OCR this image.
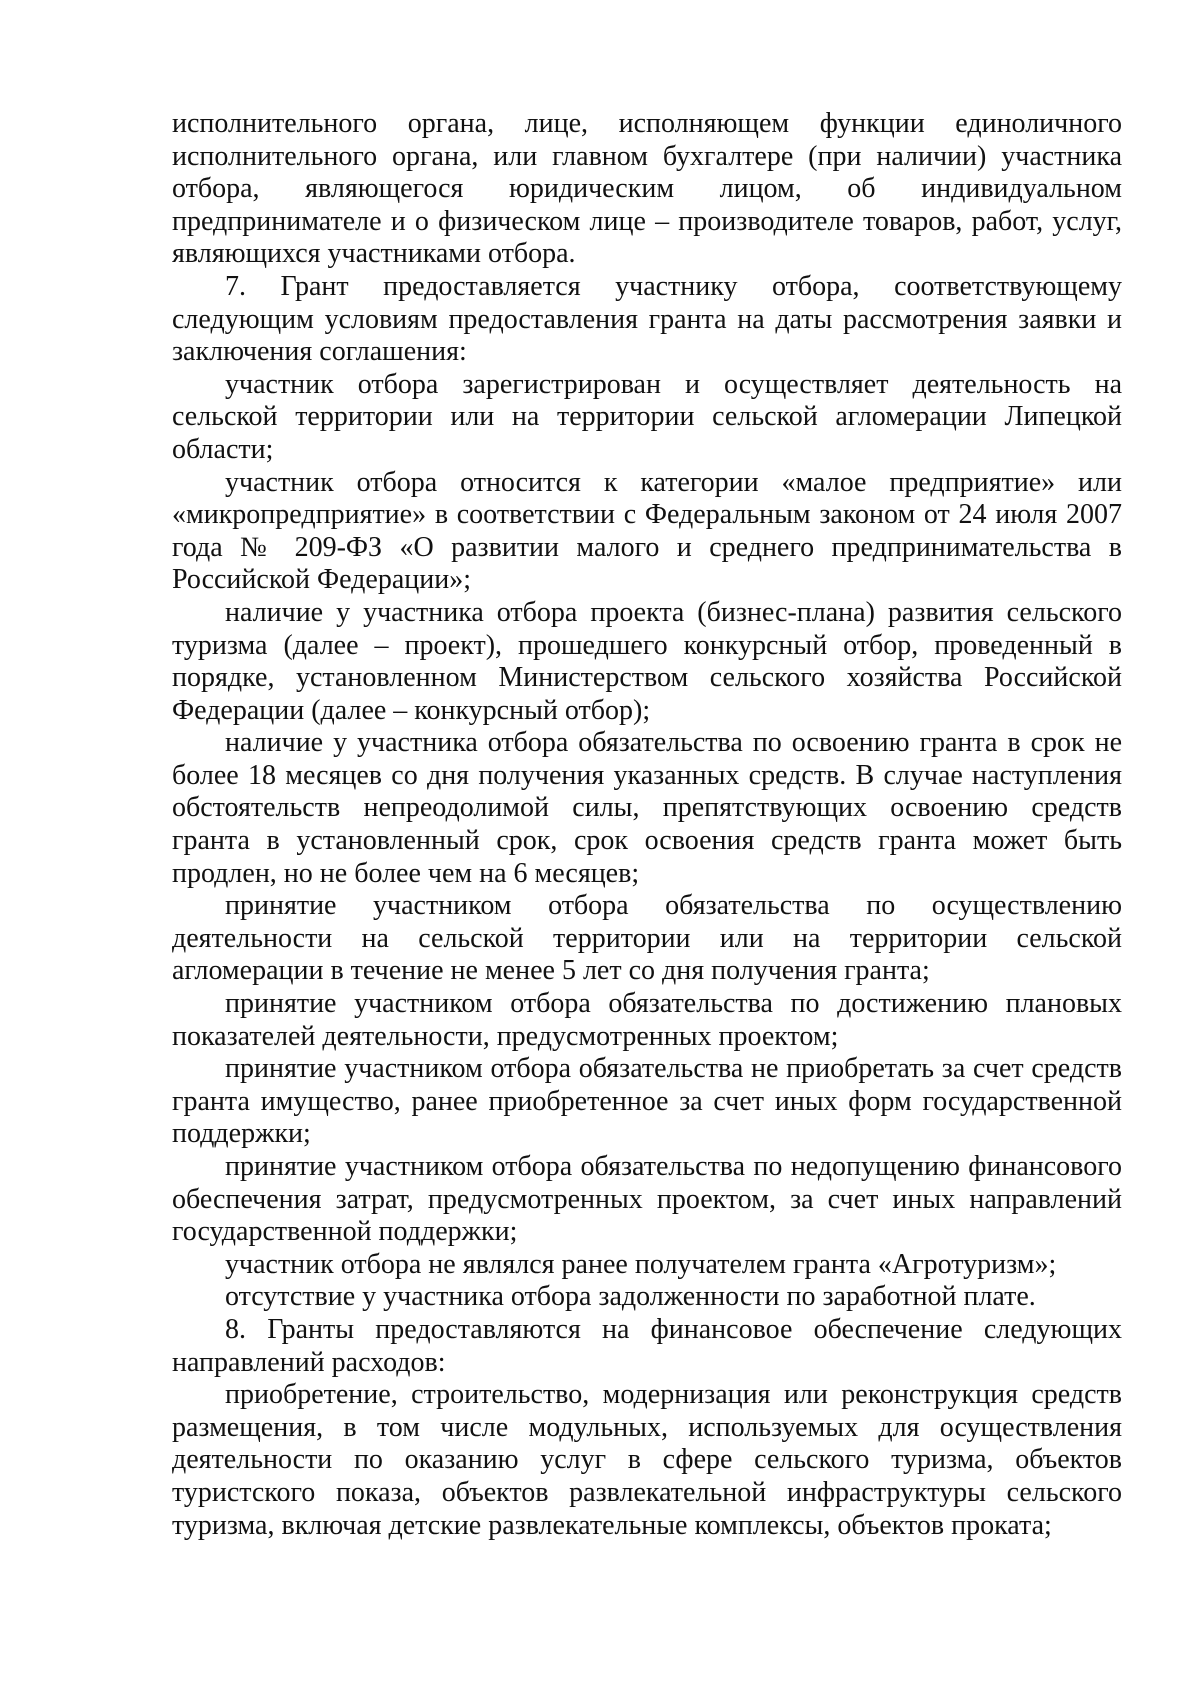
исполнительного органа, лице, исполняющем функции единоличного исполнительного органа, или главном бухгалтере (при наличии) участника отбора, являющегося юридическим лицом, об индивидуальном предпринимателе и о физическом лице – производителе товаров, работ, услуг, являющихся участниками отбора.

7. Грант предоставляется участнику отбора, соответствующему следующим условиям предоставления гранта на даты рассмотрения заявки и заключения соглашения:

участник отбора зарегистрирован и осуществляет деятельность на сельской территории или на территории сельской агломерации Липецкой области;

участник отбора относится к категории «малое предприятие» или «микропредприятие» в соответствии с Федеральным законом от 24 июля 2007 года № 209-ФЗ «О развитии малого и среднего предпринимательства в Российской Федерации»;

наличие у участника отбора проекта (бизнес-плана) развития сельского туризма (далее – проект), прошедшего конкурсный отбор, проведенный в порядке, установленном Министерством сельского хозяйства Российской Федерации (далее – конкурсный отбор);

наличие у участника отбора обязательства по освоению гранта в срок не более 18 месяцев со дня получения указанных средств. В случае наступления обстоятельств непреодолимой силы, препятствующих освоению средств гранта в установленный срок, срок освоения средств гранта может быть продлен, но не более чем на 6 месяцев;

принятие участником отбора обязательства по осуществлению деятельности на сельской территории или на территории сельской агломерации в течение не менее 5 лет со дня получения гранта;

принятие участником отбора обязательства по достижению плановых показателей деятельности, предусмотренных проектом;

принятие участником отбора обязательства не приобретать за счет средств гранта имущество, ранее приобретенное за счет иных форм государственной поддержки;

принятие участником отбора обязательства по недопущению финансового обеспечения затрат, предусмотренных проектом, за счет иных направлений государственной поддержки;

участник отбора не являлся ранее получателем гранта «Агротуризм»;

отсутствие у участника отбора задолженности по заработной плате.

8. Гранты предоставляются на финансовое обеспечение следующих направлений расходов:

приобретение, строительство, модернизация или реконструкция средств размещения, в том числе модульных, используемых для осуществления деятельности по оказанию услуг в сфере сельского туризма, объектов туристского показа, объектов развлекательной инфраструктуры сельского туризма, включая детские развлекательные комплексы, объектов проката;
